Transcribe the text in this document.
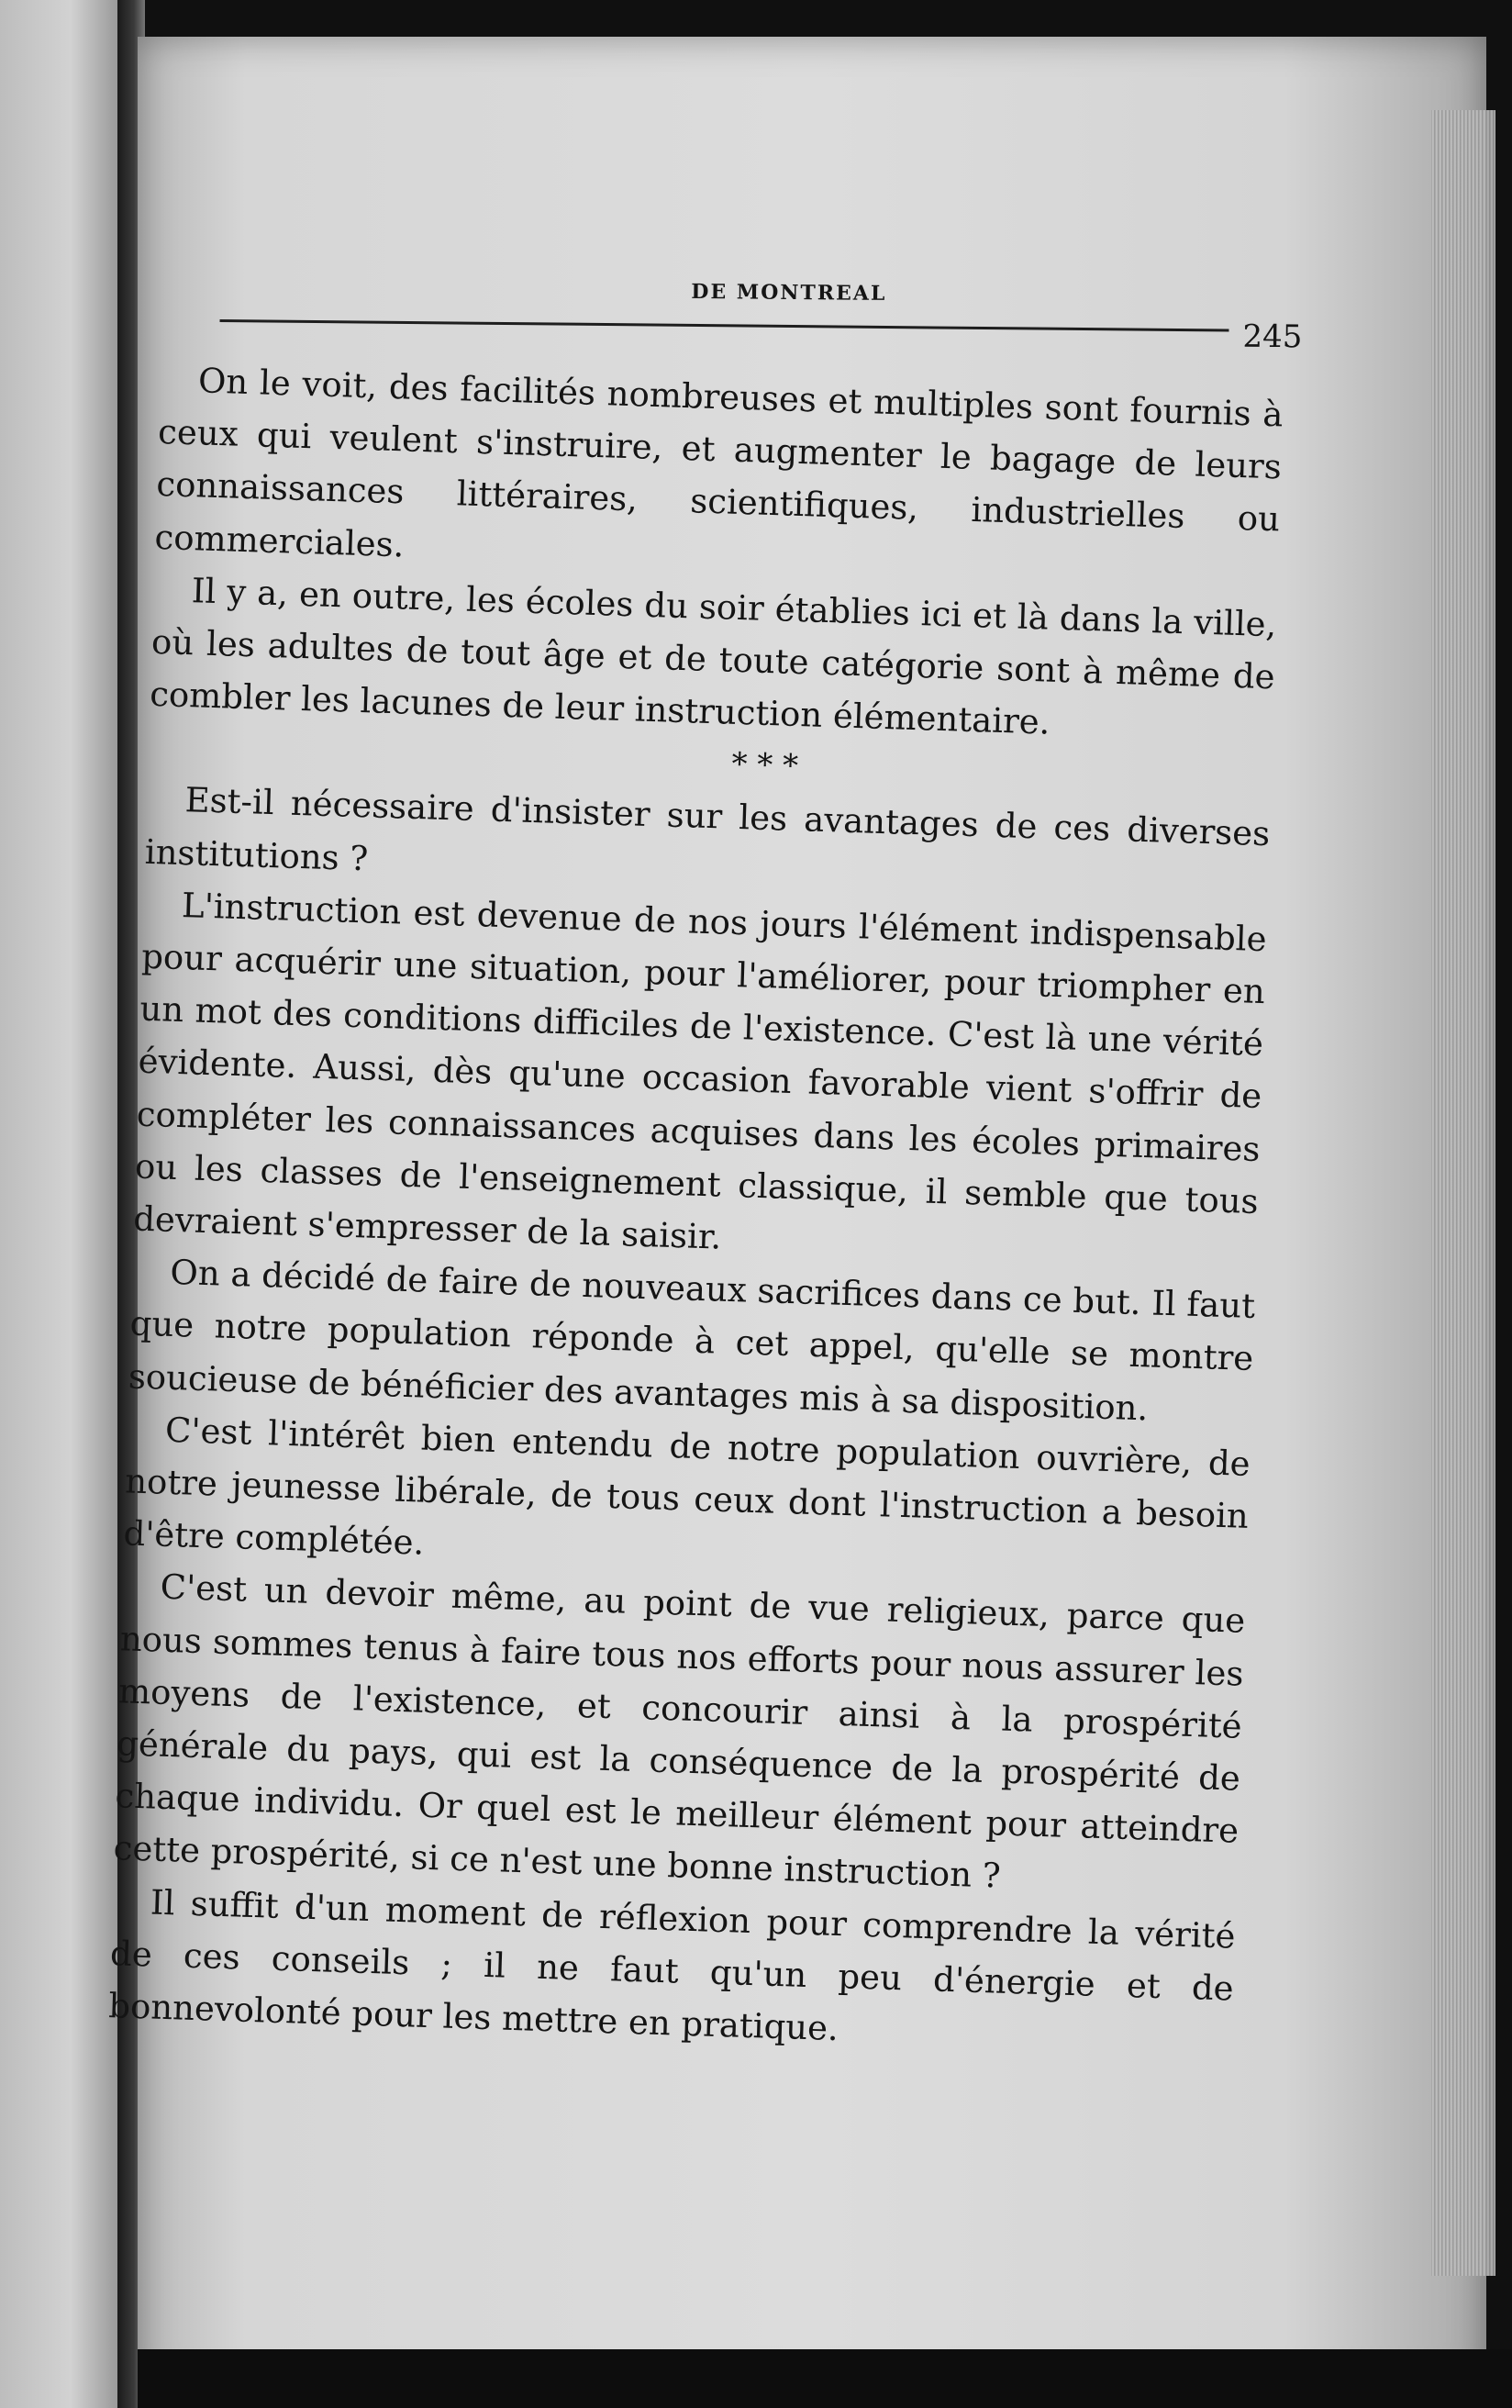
DE MONTREAL
245

On le voit, des facilités nombreuses et multiples sont fournis à ceux qui veulent s'instruire, et augmenter le bagage de leurs connaissances littéraires, scientifiques, industrielles ou commerciales.

Il y a, en outre, les écoles du soir établies ici et là dans la ville, où les adultes de tout âge et de toute catégorie sont à même de combler les lacunes de leur instruction élémentaire.

* * *

Est-il nécessaire d'insister sur les avantages de ces diverses institutions ?

L'instruction est devenue de nos jours l'élément indispensable pour acquérir une situation, pour l'améliorer, pour triompher en un mot des conditions difficiles de l'existence. C'est là une vérité évidente. Aussi, dès qu'une occasion favorable vient s'offrir de compléter les connaissances acquises dans les écoles primaires ou les classes de l'enseignement classique, il semble que tous devraient s'empresser de la saisir.

On a décidé de faire de nouveaux sacrifices dans ce but. Il faut que notre population réponde à cet appel, qu'elle se montre soucieuse de bénéficier des avantages mis à sa disposition.

C'est l'intérêt bien entendu de notre population ouvrière, de notre jeunesse libérale, de tous ceux dont l'instruction a besoin d'être complétée.

C'est un devoir même, au point de vue religieux, parce que nous sommes tenus à faire tous nos efforts pour nous assurer les moyens de l'existence, et concourir ainsi à la prospérité générale du pays, qui est la conséquence de la prospérité de chaque individu. Or quel est le meilleur élément pour atteindre cette prospérité, si ce n'est une bonne instruction ?

Il suffit d'un moment de réflexion pour comprendre la vérité de ces conseils ; il ne faut qu'un peu d'énergie et de bonnevolonté pour les mettre en pratique.
